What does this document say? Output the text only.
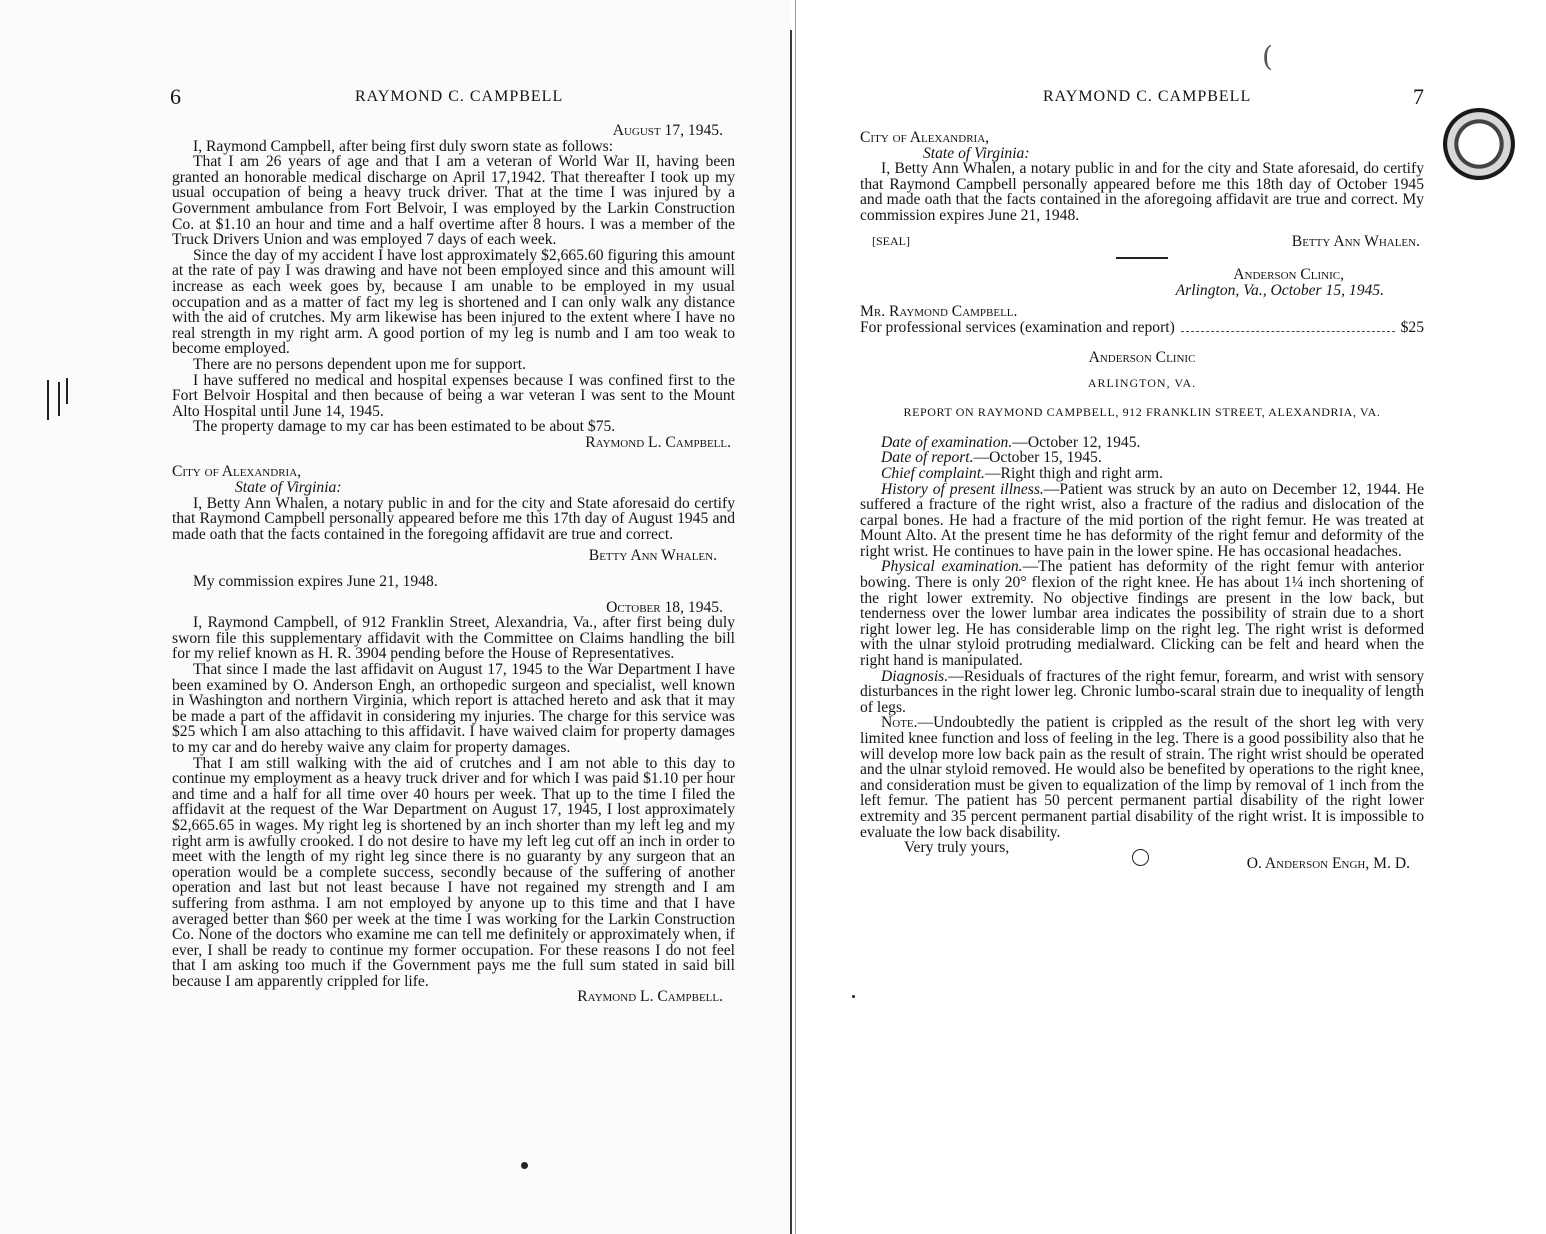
6	RAYMOND C. CAMPBELL

August 17, 1945.

I, Raymond Campbell, after being first duly sworn state as follows:

That I am 26 years of age and that I am a veteran of World War II, having been granted an honorable medical discharge on April 17,1942. That thereafter I took up my usual occupation of being a heavy truck driver. That at the time I was injured by a Government ambulance from Fort Belvoir, I was employed by the Larkin Construction Co. at $1.10 an hour and time and a half overtime after 8 hours. I was a member of the Truck Drivers Union and was employed 7 days of each week.

Since the day of my accident I have lost approximately $2,665.60 figuring this amount at the rate of pay I was drawing and have not been employed since and this amount will increase as each week goes by, because I am unable to be employed in my usual occupation and as a matter of fact my leg is shortened and I can only walk any distance with the aid of crutches. My arm likewise has been injured to the extent where I have no real strength in my right arm. A good portion of my leg is numb and I am too weak to become employed.

There are no persons dependent upon me for support.

I have suffered no medical and hospital expenses because I was confined first to the Fort Belvoir Hospital and then because of being a war veteran I was sent to the Mount Alto Hospital until June 14, 1945.

The property damage to my car has been estimated to be about $75.

Raymond L. Campbell.

City of Alexandria,

State of Virginia:

I, Betty Ann Whalen, a notary public in and for the city and State aforesaid do certify that Raymond Campbell personally appeared before me this 17th day of August 1945 and made oath that the facts contained in the foregoing affidavit are true and correct.

Betty Ann Whalen.

My commission expires June 21, 1948.

October 18, 1945.

I, Raymond Campbell, of 912 Franklin Street, Alexandria, Va., after first being duly sworn file this supplementary affidavit with the Committee on Claims handling the bill for my relief known as H. R. 3904 pending before the House of Representatives.

That since I made the last affidavit on August 17, 1945 to the War Department I have been examined by O. Anderson Engh, an orthopedic surgeon and specialist, well known in Washington and northern Virginia, which report is attached hereto and ask that it may be made a part of the affidavit in considering my injuries. The charge for this service was $25 which I am also attaching to this affidavit. I have waived claim for property damages to my car and do hereby waive any claim for property damages.

That I am still walking with the aid of crutches and I am not able to this day to continue my employment as a heavy truck driver and for which I was paid $1.10 per hour and time and a half for all time over 40 hours per week. That up to the time I filed the affidavit at the request of the War Department on August 17, 1945, I lost approximately $2,665.65 in wages. My right leg is shortened by an inch shorter than my left leg and my right arm is awfully crooked. I do not desire to have my left leg cut off an inch in order to meet with the length of my right leg since there is no guaranty by any surgeon that an operation would be a complete success, secondly because of the suffering of another operation and last but not least because I have not regained my strength and I am suffering from asthma. I am not employed by anyone up to this time and that I have averaged better than $60 per week at the time I was working for the Larkin Construction Co. None of the doctors who examine me can tell me definitely or approximately when, if ever, I shall be ready to continue my former occupation. For these reasons I do not feel that I am asking too much if the Government pays me the full sum stated in said bill because I am apparently crippled for life.

Raymond L. Campbell.

(
RAYMOND C. CAMPBELL	7

City of Alexandria,

State of Virginia:

I, Betty Ann Whalen, a notary public in and for the city and State aforesaid, do certify that Raymond Campbell personally appeared before me this 18th day of October 1945 and made oath that the facts contained in the aforegoing affidavit are true and correct. My commission expires June 21, 1948.

[SEAL]	Betty Ann Whalen.

Anderson Clinic,

Arlington, Va., October 15, 1945.

Mr. Raymond Campbell.

For professional services (examination and report)	$25

Anderson Clinic

ARLINGTON, VA.

REPORT ON RAYMOND CAMPBELL, 912 FRANKLIN STREET, ALEXANDRIA, VA.

Date of examination.—October 12, 1945.

Date of report.—October 15, 1945.

Chief complaint.—Right thigh and right arm.

History of present illness.—Patient was struck by an auto on December 12, 1944. He suffered a fracture of the right wrist, also a fracture of the radius and dislocation of the carpal bones. He had a fracture of the mid portion of the right femur. He was treated at Mount Alto. At the present time he has deformity of the right femur and deformity of the right wrist. He continues to have pain in the lower spine. He has occasional headaches.

Physical examination.—The patient has deformity of the right femur with anterior bowing. There is only 20° flexion of the right knee. He has about 1¼ inch shortening of the right lower extremity. No objective findings are present in the low back, but tenderness over the lower lumbar area indicates the possibility of strain due to a short right lower leg. He has considerable limp on the right leg. The right wrist is deformed with the ulnar styloid protruding medialward. Clicking can be felt and heard when the right hand is manipulated.

Diagnosis.—Residuals of fractures of the right femur, forearm, and wrist with sensory disturbances in the right lower leg. Chronic lumbo-scaral strain due to inequality of length of legs.

Note.—Undoubtedly the patient is crippled as the result of the short leg with very limited knee function and loss of feeling in the leg. There is a good possibility also that he will develop more low back pain as the result of strain. The right wrist should be operated and the ulnar styloid removed. He would also be benefited by operations to the right knee, and consideration must be given to equalization of the limp by removal of 1 inch from the left femur. The patient has 50 percent permanent partial disability of the right lower extremity and 35 percent permanent partial disability of the right wrist. It is impossible to evaluate the low back disability.

Very truly yours,

O. Anderson Engh, M. D.
